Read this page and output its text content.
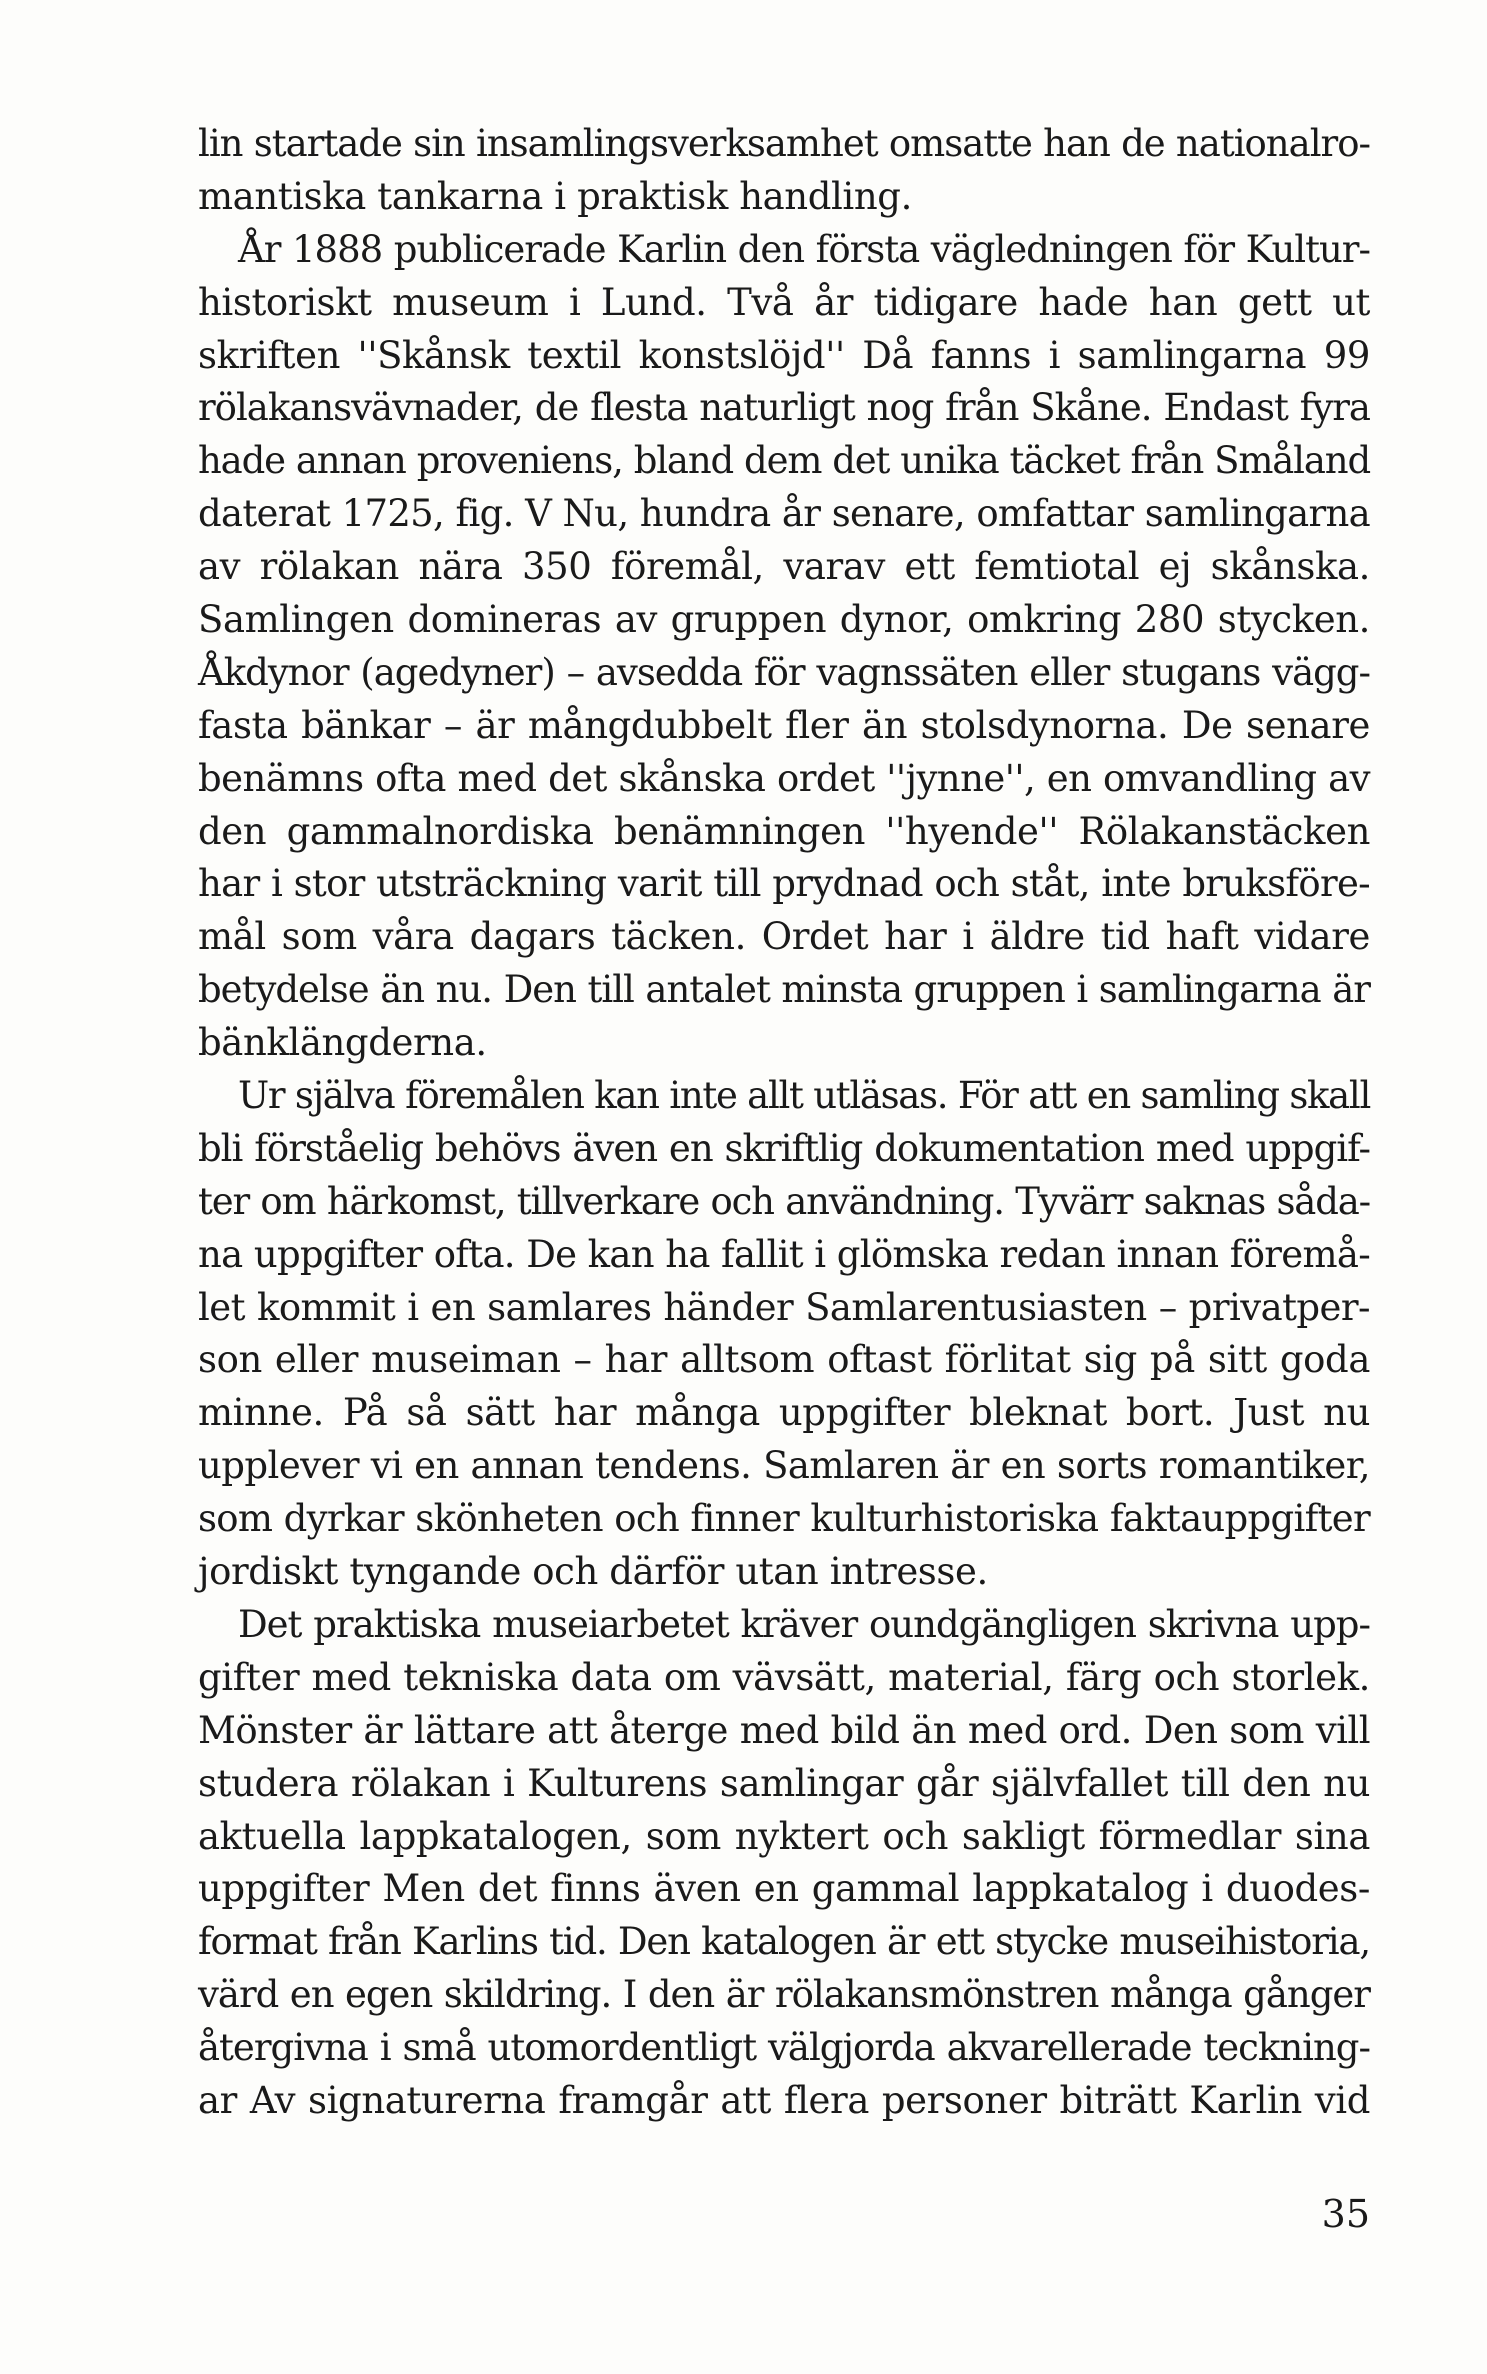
lin startade sin insamlingsverksamhet omsatte han de nationalro-
mantiska tankarna i praktisk handling.
År 1888 publicerade Karlin den första vägledningen för Kultur-
historiskt museum i Lund. Två år tidigare hade han gett ut
skriften ''Skånsk textil konstslöjd'' Då fanns i samlingarna 99
rölakansvävnader, de flesta naturligt nog från Skåne. Endast fyra
hade annan proveniens, bland dem det unika täcket från Småland
daterat 1725, fig. V Nu, hundra år senare, omfattar samlingarna
av rölakan nära 350 föremål, varav ett femtiotal ej skånska.
Samlingen domineras av gruppen dynor, omkring 280 stycken.
Åkdynor (agedyner) – avsedda för vagnssäten eller stugans vägg-
fasta bänkar – är mångdubbelt fler än stolsdynorna. De senare
benämns ofta med det skånska ordet ''jynne'', en omvandling av
den gammalnordiska benämningen ''hyende'' Rölakanstäcken
har i stor utsträckning varit till prydnad och ståt, inte bruksföre-
mål som våra dagars täcken. Ordet har i äldre tid haft vidare
betydelse än nu. Den till antalet minsta gruppen i samlingarna är
bänklängderna.
Ur själva föremålen kan inte allt utläsas. För att en samling skall
bli förståelig behövs även en skriftlig dokumentation med uppgif-
ter om härkomst, tillverkare och användning. Tyvärr saknas såda-
na uppgifter ofta. De kan ha fallit i glömska redan innan föremå-
let kommit i en samlares händer Samlarentusiasten – privatper-
son eller museiman – har alltsom oftast förlitat sig på sitt goda
minne. På så sätt har många uppgifter bleknat bort. Just nu
upplever vi en annan tendens. Samlaren är en sorts romantiker,
som dyrkar skönheten och finner kulturhistoriska faktauppgifter
jordiskt tyngande och därför utan intresse.
Det praktiska museiarbetet kräver oundgängligen skrivna upp-
gifter med tekniska data om vävsätt, material, färg och storlek.
Mönster är lättare att återge med bild än med ord. Den som vill
studera rölakan i Kulturens samlingar går självfallet till den nu
aktuella lappkatalogen, som nyktert och sakligt förmedlar sina
uppgifter Men det finns även en gammal lappkatalog i duodes-
format från Karlins tid. Den katalogen är ett stycke museihistoria,
värd en egen skildring. I den är rölakansmönstren många gånger
återgivna i små utomordentligt välgjorda akvarellerade teckning-
ar Av signaturerna framgår att flera personer biträtt Karlin vid
35
